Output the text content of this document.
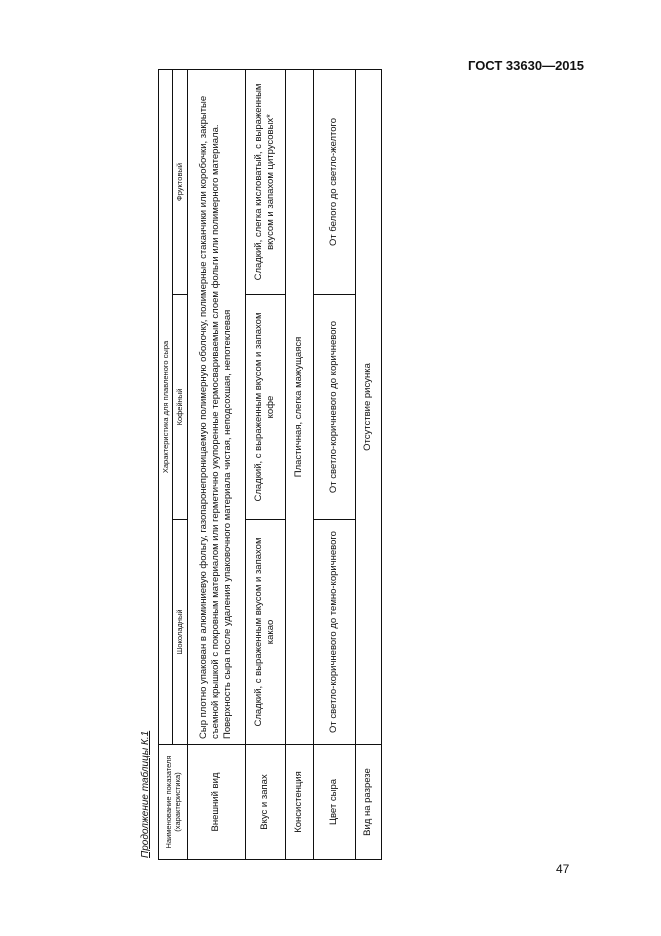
ГОСТ 33630—2015
Продолжение таблицы К.1 Наименование показателя (характеристика)	Характеристика для плавленого сыра		
	Шоколадный	Кофейный	Фруктовый
Внешний вид	Сыр плотно упакован в алюминиевую фольгу, газопаронепроницаемую полимерную оболочку, полимерные стаканчики или коробочки, закрытые съемной крышкой с покровным материалом или герметично укупоренные термосвариваемым слоем фольги или полимерного материала. Поверхность сыра после удаления упаковочного материала чистая, неподсохшая, непотеклевая		
Вкус и запах	Сладкий, с выраженным вкусом и запахом какао	Сладкий, с выраженным вкусом и запахом кофе	Сладкий, слегка кисловатый, с выраженным вкусом и запахом цитрусовых*
Консистенция	Пластичная, слегка мажущаяся		
Цвет сыра	От светло-коричневого до темно-коричневого	От светло-коричневого до коричневого	От белого до светло-желтого
Вид на разрезе	Отсутствие рисунка		
47
